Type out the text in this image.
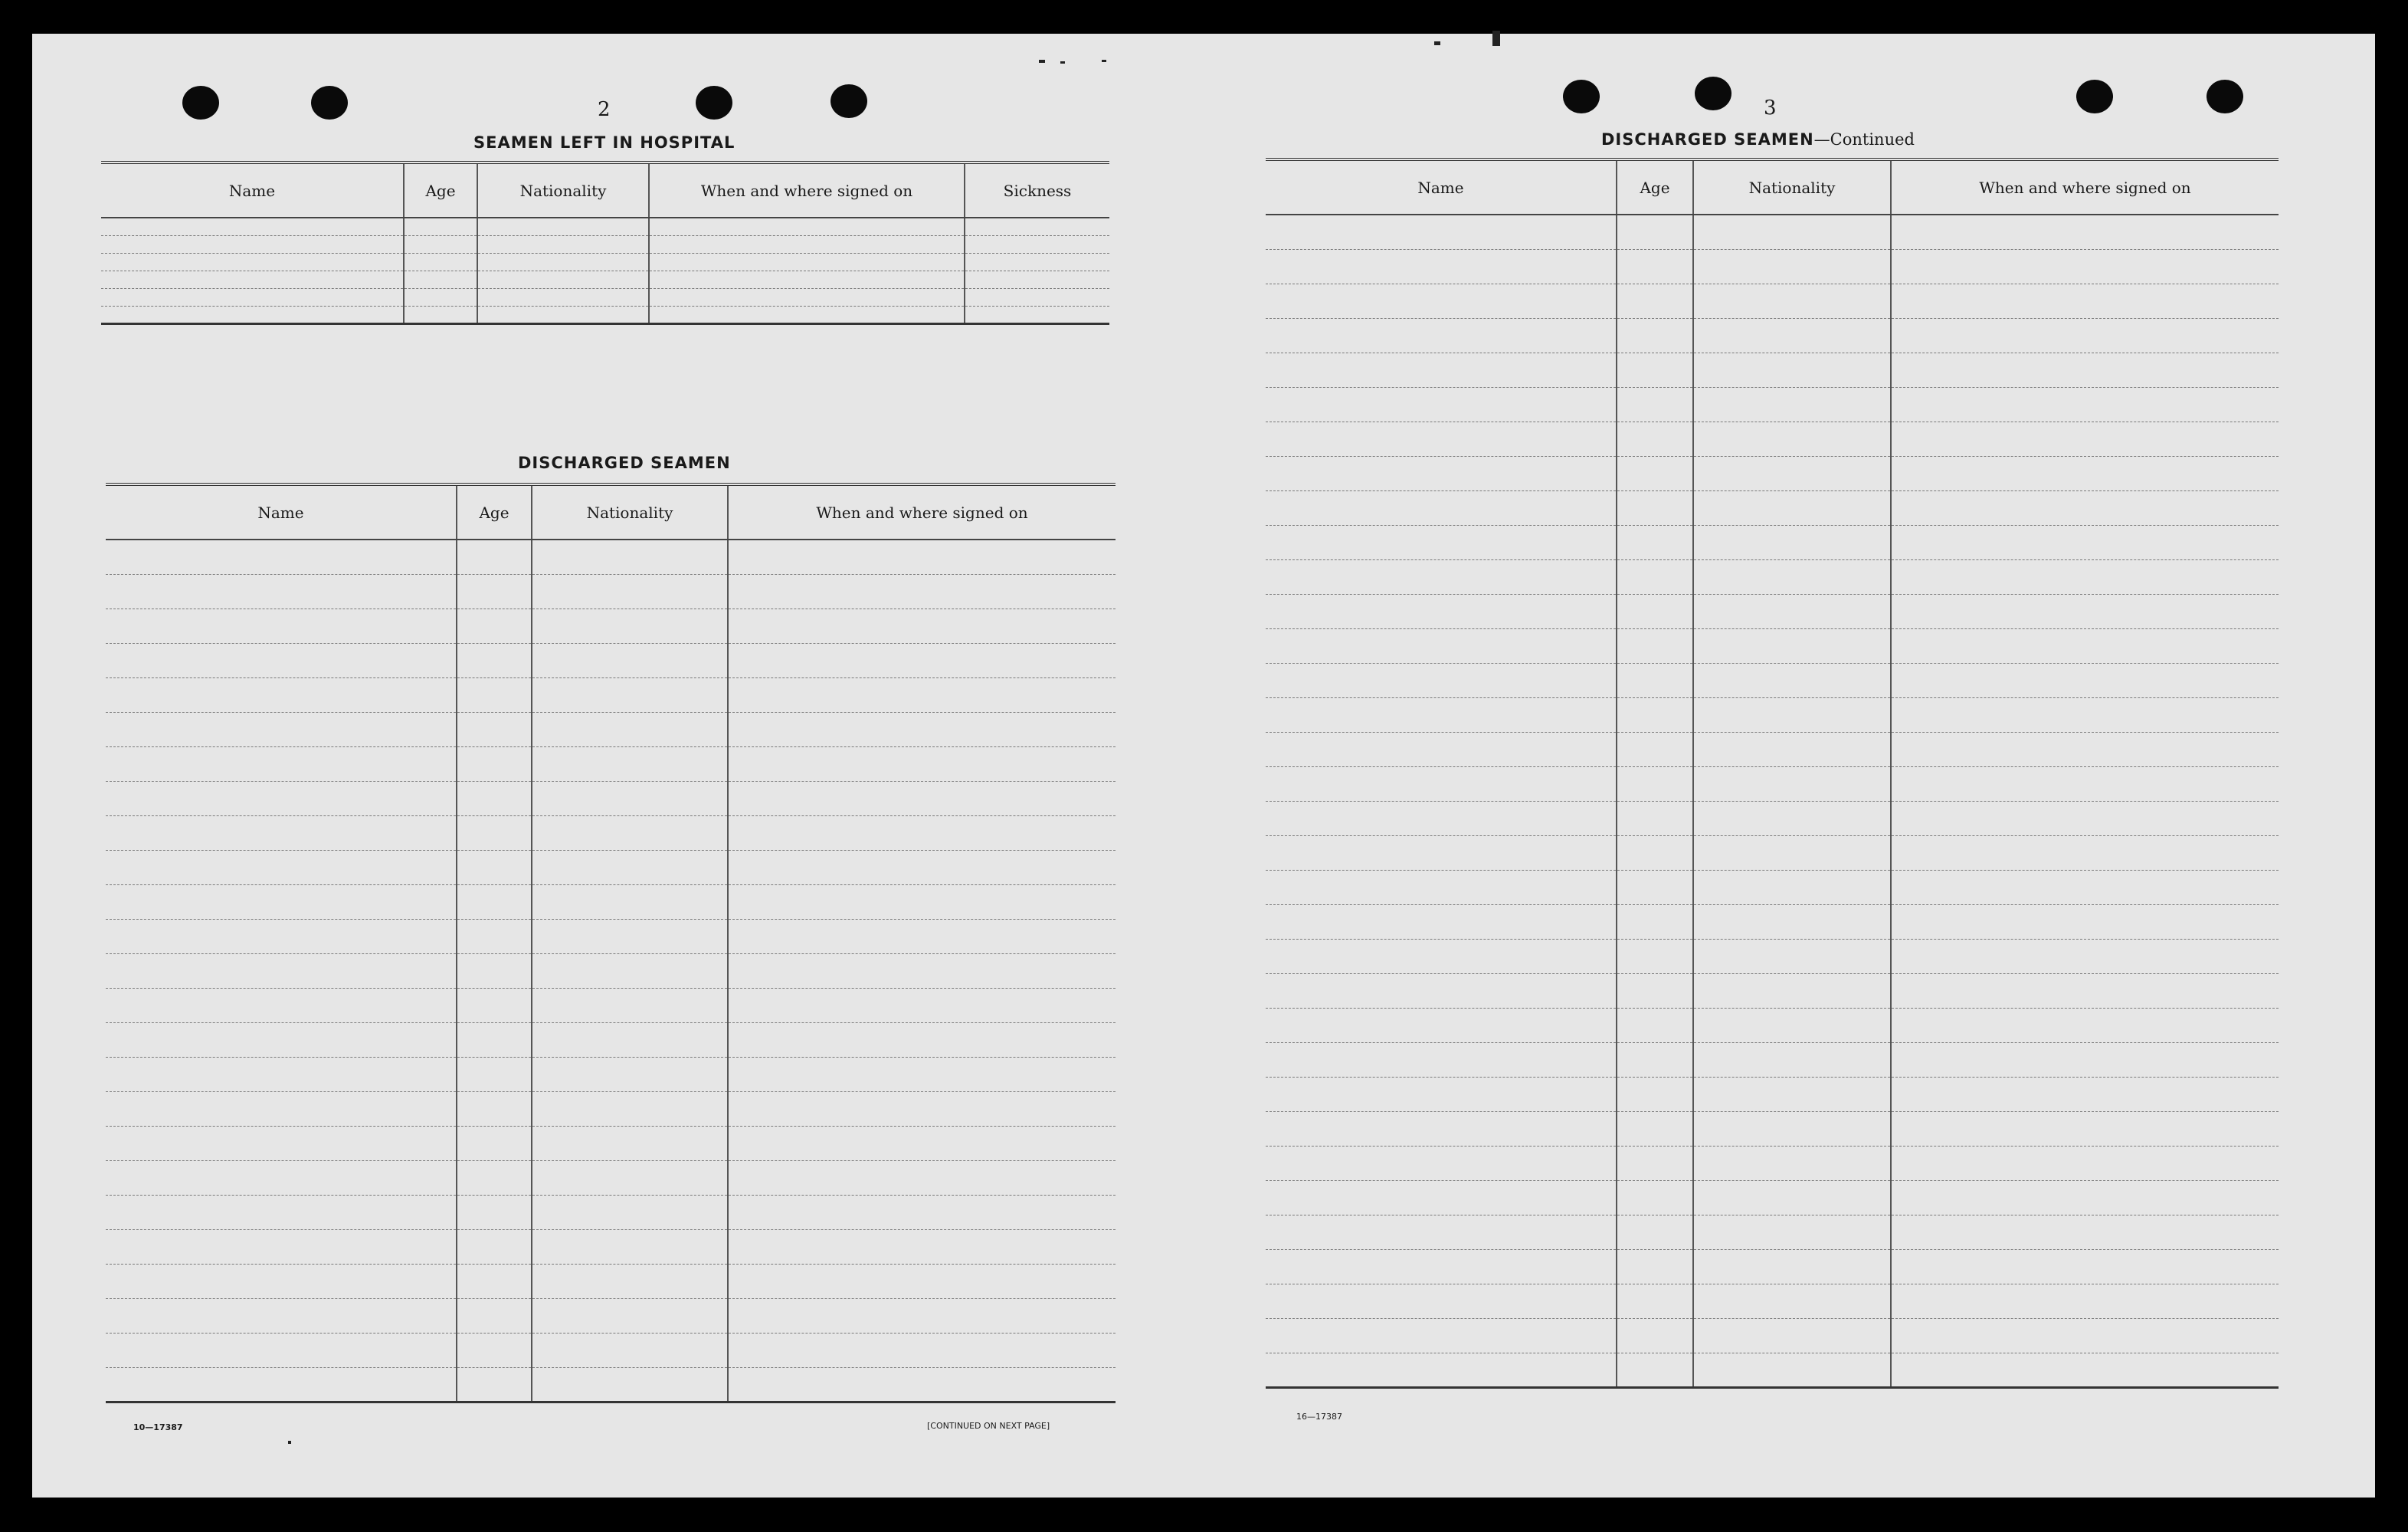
2
SEAMEN LEFT IN HOSPITAL
Name	Age	Nationality	When and where signed on	Sickness

DISCHARGED SEAMEN
Name	Age	Nationality	When and where signed on

10—17387	[CONTINUED ON NEXT PAGE]
3
DISCHARGED SEAMEN—Continued
Name	Age	Nationality	When and where signed on

16—17387
